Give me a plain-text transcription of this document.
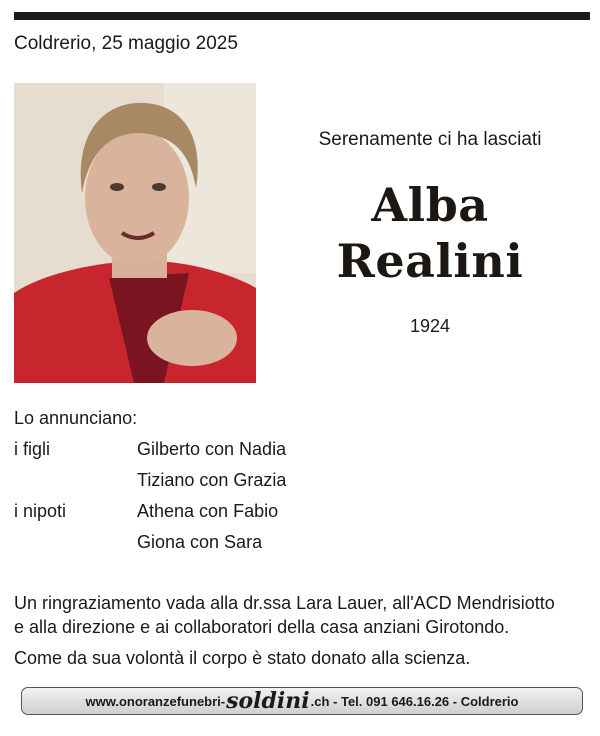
Coldrerio, 25 maggio 2025
Serenamente ci ha lasciati
Alba
Realini
1924
Lo annunciano:
i figli	Gilberto con Nadia
Tiziano con Grazia
i nipoti	Athena con Fabio
Giona con Sara
Un ringraziamento vada alla dr.ssa Lara Lauer, all'ACD Mendrisiotto
e alla direzione e ai collaboratori della casa anziani Girotondo.
Come da sua volontà il corpo è stato donato alla scienza.
www.onoranzefunebri- soldini .ch - Tel. 091 646.16.26 - Coldrerio
